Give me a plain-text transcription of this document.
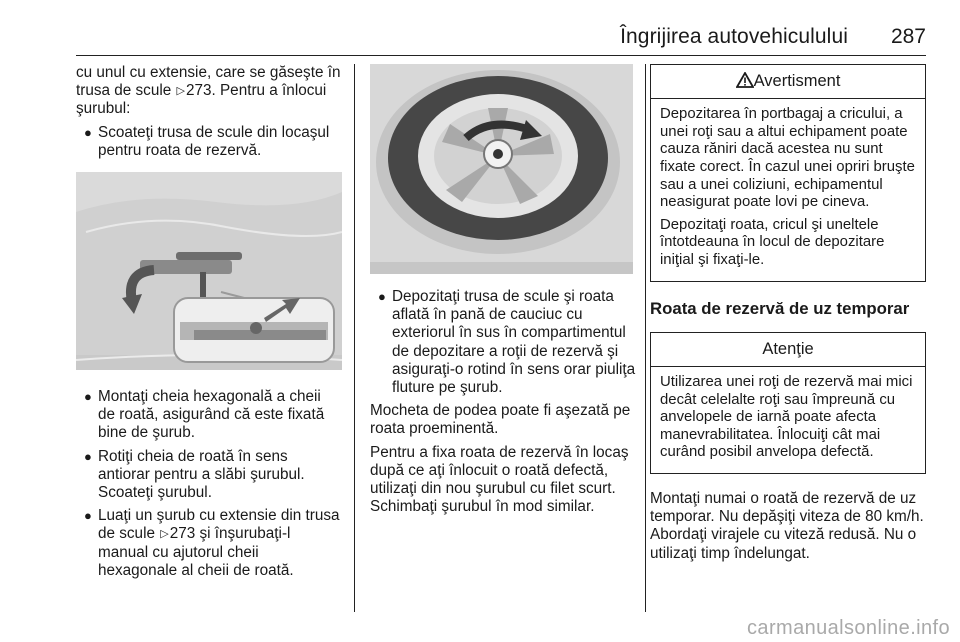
Îngrijirea autovehiculului 287

cu unul cu extensie, care se găseşte în trusa de scule ▷273. Pentru a înlocui şurubul:

● Scoateţi trusa de scule din locaşul pentru roata de rezervă.
● Montaţi cheia hexagonală a cheii de roată, asigurând că este fixată bine de şurub.
● Rotiţi cheia de roată în sens antiorar pentru a slăbi şurubul. Scoateţi şurubul.
● Luaţi un şurub cu extensie din trusa de scule ▷273 şi înşurubaţi-l manual cu ajutorul cheii hexagonale al cheii de roată.
● Depozitaţi trusa de scule şi roata aflată în pană de cauciuc cu exteriorul în sus în compartimentul de depozitare a roţii de rezervă şi asiguraţi-o rotind în sens orar piuliţa fluture pe şurub.

Mocheta de podea poate fi aşezată pe roata proeminentă.

Pentru a fixa roata de rezervă în locaş după ce aţi înlocuit o roată defectă, utilizaţi din nou şurubul cu filet scurt. Schimbaţi şurubul în mod similar.

Avertisment

Depozitarea în portbagaj a cricului, a unei roţi sau a altui echipament poate cauza răniri dacă acestea nu sunt fixate corect. În cazul unei opriri bruşte sau a unei coliziuni, echipamentul neasigurat poate lovi pe cineva.

Depozitaţi roata, cricul şi uneltele întotdeauna în locul de depozitare iniţial şi fixaţi-le.

Roata de rezervă de uz temporar
Atenţie

Utilizarea unei roţi de rezervă mai mici decât celelalte roţi sau împreună cu anvelopele de iarnă poate afecta manevrabilitatea. Înlocuiţi cât mai curând posibil anvelopa defectă.

Montaţi numai o roată de rezervă de uz temporar. Nu depăşiţi viteza de 80 km/h. Abordaţi virajele cu viteză redusă. Nu o utilizaţi timp îndelungat.

carmanualsonline.info
